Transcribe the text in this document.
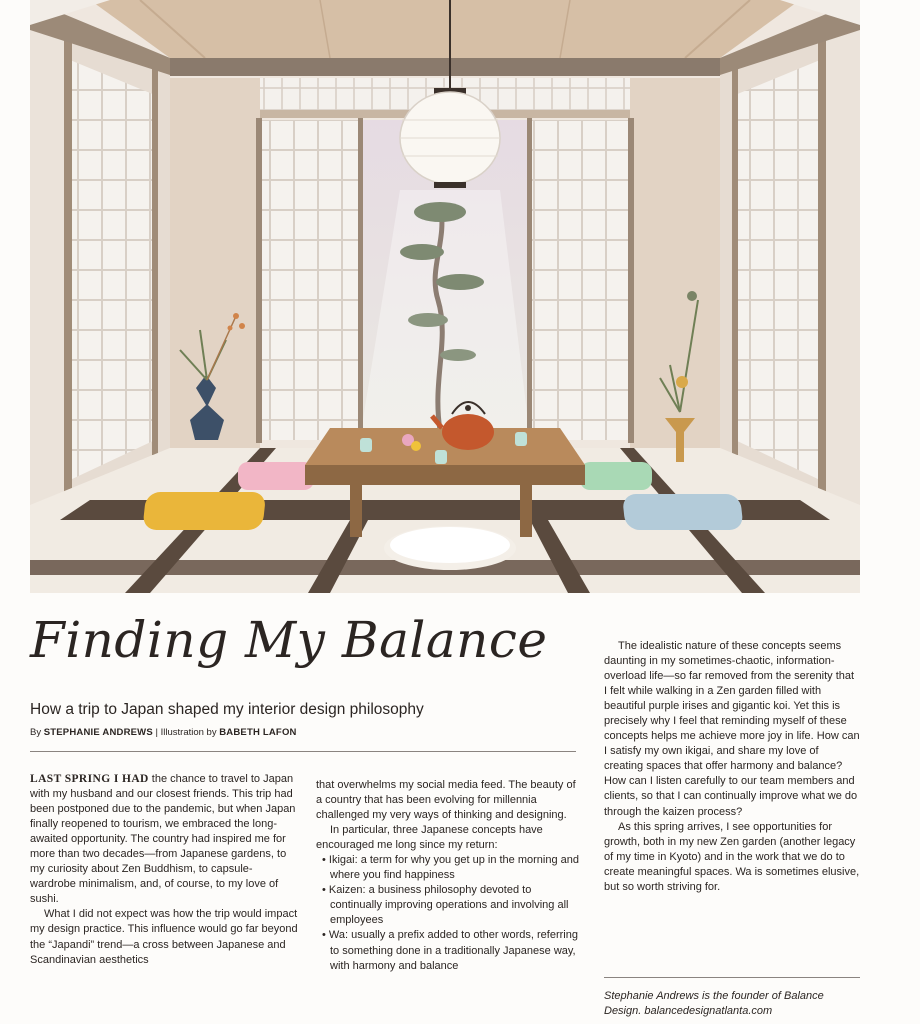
Finding My Balance

How a trip to Japan shaped my interior design philosophy

By STEPHANIE ANDREWS | Illustration by BABETH LAFON

LAST SPRING I HAD the chance to travel to Japan with my husband and our closest friends. This trip had been postponed due to the pandemic, but when Japan finally reopened to tourism, we embraced the long-awaited opportunity. The country had inspired me for more than two decades—from Japanese gardens, to my curiosity about Zen Buddhism, to capsule-wardrobe minimalism, and, of course, to my love of sushi.

What I did not expect was how the trip would impact my design practice. This influence would go far beyond the “Japandi” trend—a cross between Japanese and Scandinavian aesthetics

that overwhelms my social media feed. The beauty of a country that has been evolving for millennia challenged my very ways of thinking and designing.

In particular, three Japanese concepts have encouraged me long since my return:

• Ikigai: a term for why you get up in the morning and where you find happiness

• Kaizen: a business philosophy devoted to continually improving operations and involving all employees

• Wa: usually a prefix added to other words, referring to something done in a traditionally Japanese way, with harmony and balance

The idealistic nature of these concepts seems daunting in my sometimes-chaotic, information-overload life—so far removed from the serenity that I felt while walking in a Zen garden filled with beautiful purple irises and gigantic koi. Yet this is precisely why I feel that reminding myself of these concepts helps me achieve more joy in life. How can I satisfy my own ikigai, and share my love of creating spaces that offer harmony and balance? How can I listen carefully to our team members and clients, so that I can continually improve what we do through the kaizen process?

As this spring arrives, I see opportunities for growth, both in my new Zen garden (another legacy of my time in Kyoto) and in the work that we do to create meaningful spaces. Wa is sometimes elusive, but so worth striving for.

Stephanie Andrews is the founder of Balance Design. balancedesignatlanta.com
